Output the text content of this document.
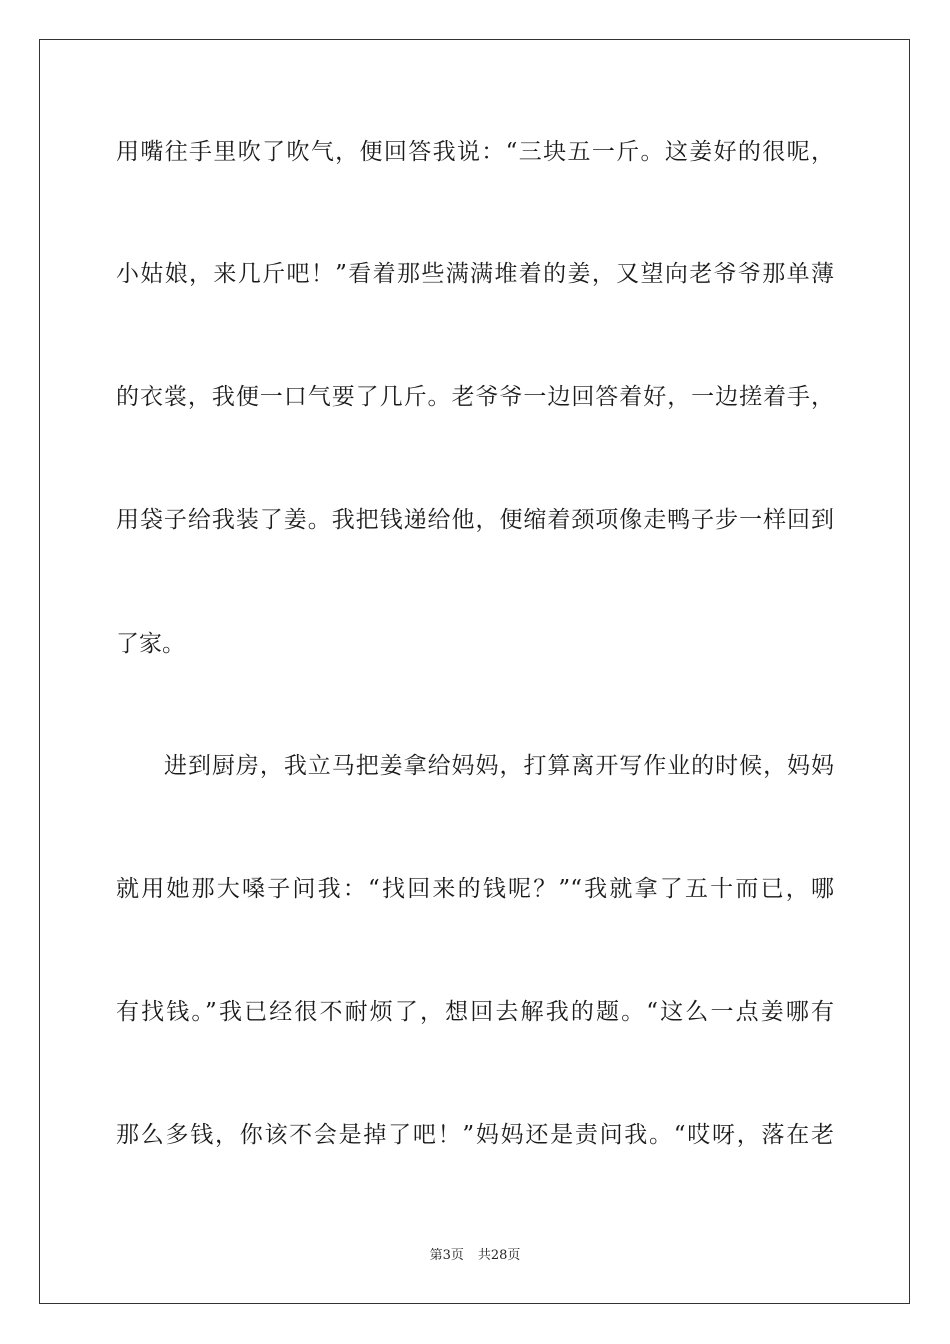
用嘴往手里吹了吹气，便回答我说：“三块五一斤。这姜好的很呢，
小姑娘，来几斤吧！”看着那些满满堆着的姜，又望向老爷爷那单薄
的衣裳，我便一口气要了几斤。老爷爷一边回答着好，一边搓着手，
用袋子给我装了姜。我把钱递给他，便缩着颈项像走鸭子步一样回到
了家。
进到厨房，我立马把姜拿给妈妈，打算离开写作业的时候，妈妈
就用她那大嗓子问我：“找回来的钱呢？”“我就拿了五十而已，哪
有找钱。”我已经很不耐烦了，想回去解我的题。“这么一点姜哪有
那么多钱，你该不会是掉了吧！”妈妈还是责问我。“哎呀，落在老
第3页 共28页
